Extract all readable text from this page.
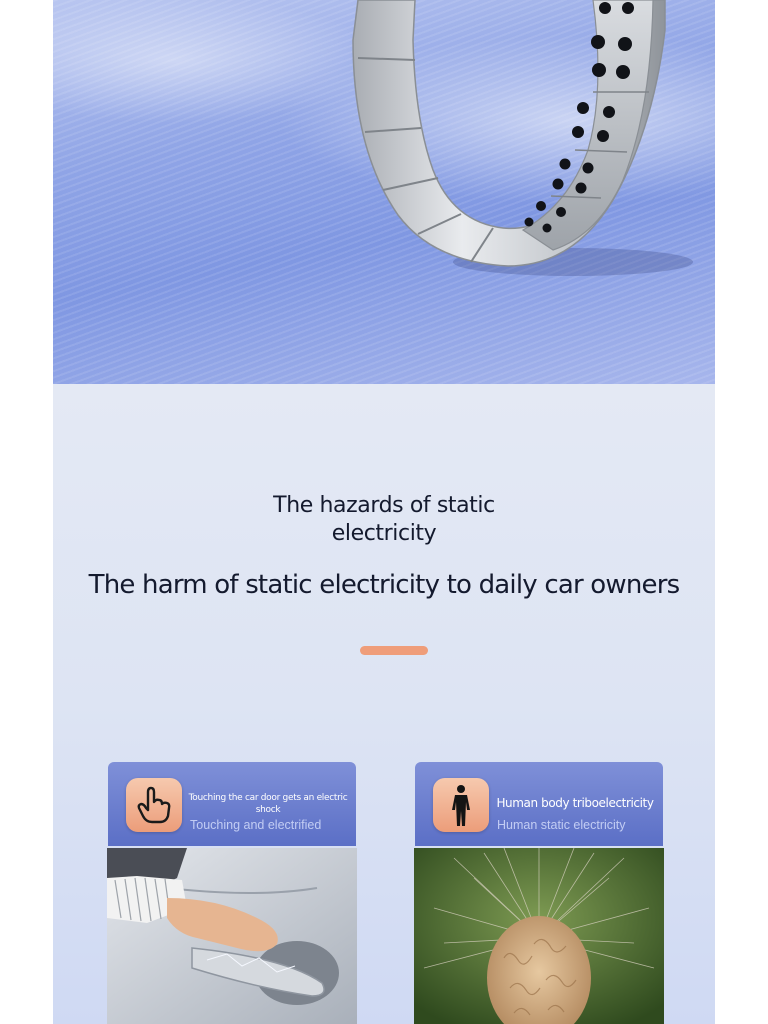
The hazards of static
electricity
The harm of static electricity to daily car owners
Touching the car door gets an electric shock
Touching and electrified
Human body triboelectricity
Human static electricity
